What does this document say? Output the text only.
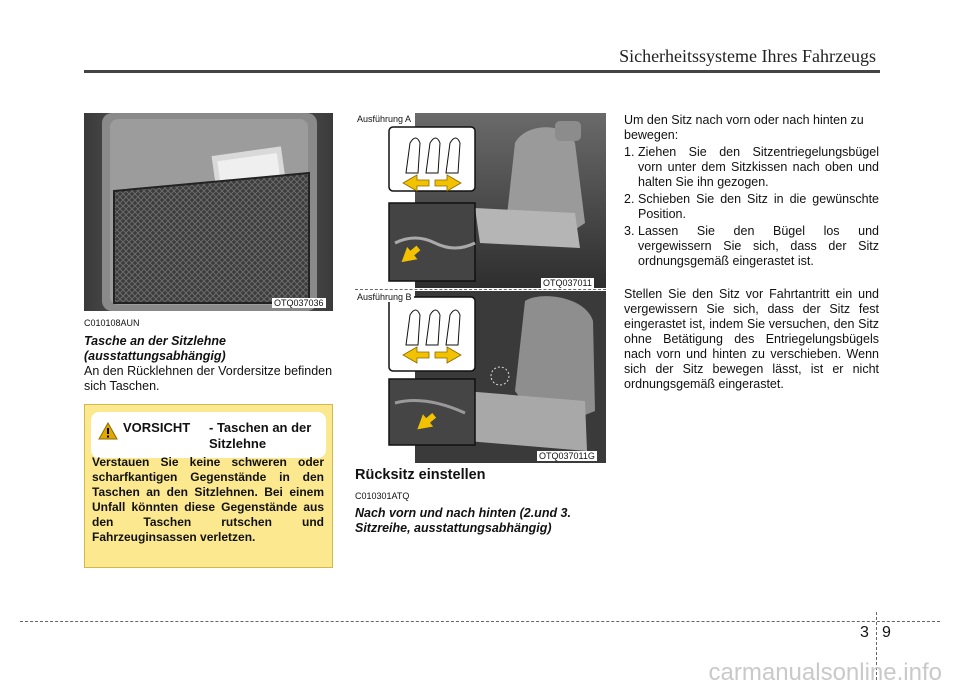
Sicherheitssysteme Ihres Fahrzeugs
OTQ037036
C010108AUN
Tasche an der Sitzlehne (ausstattungsabhängig)
An den Rücklehnen der Vordersitze befinden sich Taschen.
VORSICHT - Taschen an der Sitzlehne
Verstauen Sie keine schweren oder scharfkantigen Gegenstände in den Taschen an den Sitzlehnen. Bei einem Unfall könnten diese Gegenstände aus den Taschen rutschen und Fahrzeuginsassen verletzen.
Ausführung A
OTQ037011
Ausführung B
OTQ037011G
Rücksitz einstellen
C010301ATQ
Nach vorn und nach hinten (2.und 3. Sitzreihe, ausstattungsabhängig)
Um den Sitz nach vorn oder nach hinten zu bewegen:
1. Ziehen Sie den Sitzentriegelungsbügel vorn unter dem Sitzkissen nach oben und halten Sie ihn gezogen.
2. Schieben Sie den Sitz in die gewünschte Position.
3. Lassen Sie den Bügel los und vergewissern Sie sich, dass der Sitz ordnungsgemäß eingerastet ist.
Stellen Sie den Sitz vor Fahrtantritt ein und vergewissern Sie sich, dass der Sitz fest eingerastet ist, indem Sie versuchen, den Sitz ohne Betätigung des Entriegelungsbügels nach vorn und hinten zu verschieben. Wenn sich der Sitz bewegen lässt, ist er nicht ordnungsgemäß eingerastet.
3 9
carmanualsonline.info
